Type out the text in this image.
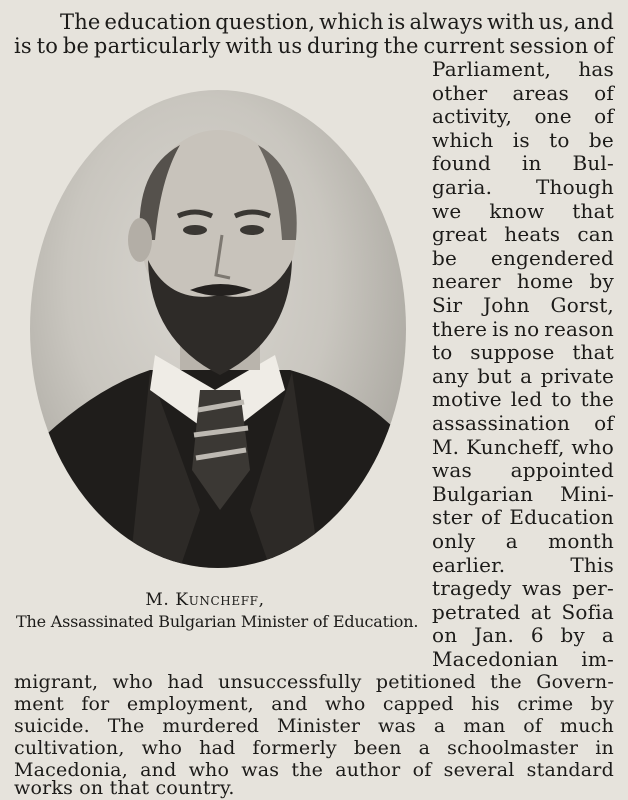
The education question, which is always with us, and
is to be particularly with us during the current session of
Parliament, has
other areas of
activity, one of
which is to be
found in Bul-
garia. Though
we know that
great heats can
be engendered
nearer home by
Sir John Gorst,
there is no reason
to suppose that
any but a private
motive led to the
assassination of
M. Kuncheff, who
was appointed
Bulgarian Mini-
ster of Education
only a month
earlier.	This
tragedy was per-
petrated at Sofia
on Jan. 6 by a
Macedonian im-
M. Kuncheff,
The Assassinated Bulgarian Minister of Education.
migrant, who had unsuccessfully petitioned the Govern-
ment for employment, and who capped his crime by
suicide. The murdered Minister was a man of much
cultivation, who had formerly been a schoolmaster in
Macedonia, and who was the author of several standard
works on that country.
